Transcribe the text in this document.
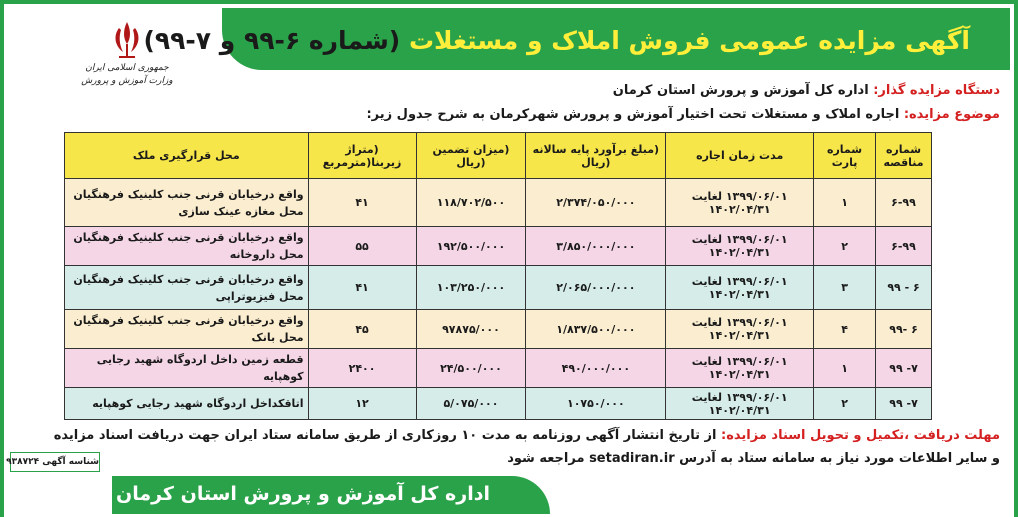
آگهی مزایده عمومی فروش املاک و مستغلات (شماره ۶-۹۹ و ۷-۹۹)
جمهوری اسلامی ایران
وزارت آموزش و پرورش
دستگاه مزایده گذار: اداره کل آموزش و پرورش استان کرمان
موضوع مزایده: اجاره املاک و مستغلات تحت اختیار آموزش و پرورش شهرکرمان به شرح جدول زیر:
شماره مناقصه	شماره پارت	مدت زمان اجاره	(مبلغ برآورد پایه سالانه (ریال	(میزان تضمین (ریال	(متراژ زیربنا(مترمربع	محل قرارگیری ملک
۶-۹۹	۱	۱۳۹۹/۰۶/۰۱ لغایت ۱۴۰۲/۰۴/۳۱	۲/۳۷۴/۰۵۰/۰۰۰	۱۱۸/۷۰۲/۵۰۰	۴۱	واقع درخیابان قرنی جنب کلینیک فرهنگیان محل مغازه عینک سازی
۶-۹۹	۲	۱۳۹۹/۰۶/۰۱ لغایت ۱۴۰۲/۰۴/۳۱	۳/۸۵۰/۰۰۰/۰۰۰	۱۹۲/۵۰۰/۰۰۰	۵۵	واقع درخیابان قرنی جنب کلینیک فرهنگیان محل داروخانه
۶ - ۹۹	۳	۱۳۹۹/۰۶/۰۱ لغایت ۱۴۰۲/۰۴/۳۱	۲/۰۶۵/۰۰۰/۰۰۰	۱۰۳/۲۵۰/۰۰۰	۴۱	واقع درخیابان قرنی جنب کلینیک فرهنگیان محل فیزیوتراپی
۶ -۹۹	۴	۱۳۹۹/۰۶/۰۱ لغایت ۱۴۰۲/۰۴/۳۱	۱/۸۳۷/۵۰۰/۰۰۰	۹۷۸۷۵/۰۰۰	۴۵	واقع درخیابان قرنی جنب کلینیک فرهنگیان محل بانک
۷- ۹۹	۱	۱۳۹۹/۰۶/۰۱ لغایت ۱۴۰۲/۰۴/۳۱	۴۹۰/۰۰۰/۰۰۰	۲۴/۵۰۰/۰۰۰	۲۴۰۰	قطعه زمین داخل اردوگاه شهید رجایی کوهپایه
۷- ۹۹	۲	۱۳۹۹/۰۶/۰۱ لغایت ۱۴۰۲/۰۴/۳۱	۱۰۷۵۰/۰۰۰	۵/۰۷۵/۰۰۰	۱۲	اتاقکداخل اردوگاه شهید رجایی کوهپایه
مهلت دریافت ،تکمیل و تحویل اسناد مزایده: از تاریخ انتشار آگهی روزنامه به مدت ۱۰ روزکاری از طریق سامانه ستاد ایران جهت دریافت اسناد مزایده
و سایر اطلاعات مورد نیاز به سامانه ستاد به آدرس setadiran.ir مراجعه شود
شناسه آگهی ۹۳۸۷۲۴
اداره کل آموزش و پرورش استان کرمان
